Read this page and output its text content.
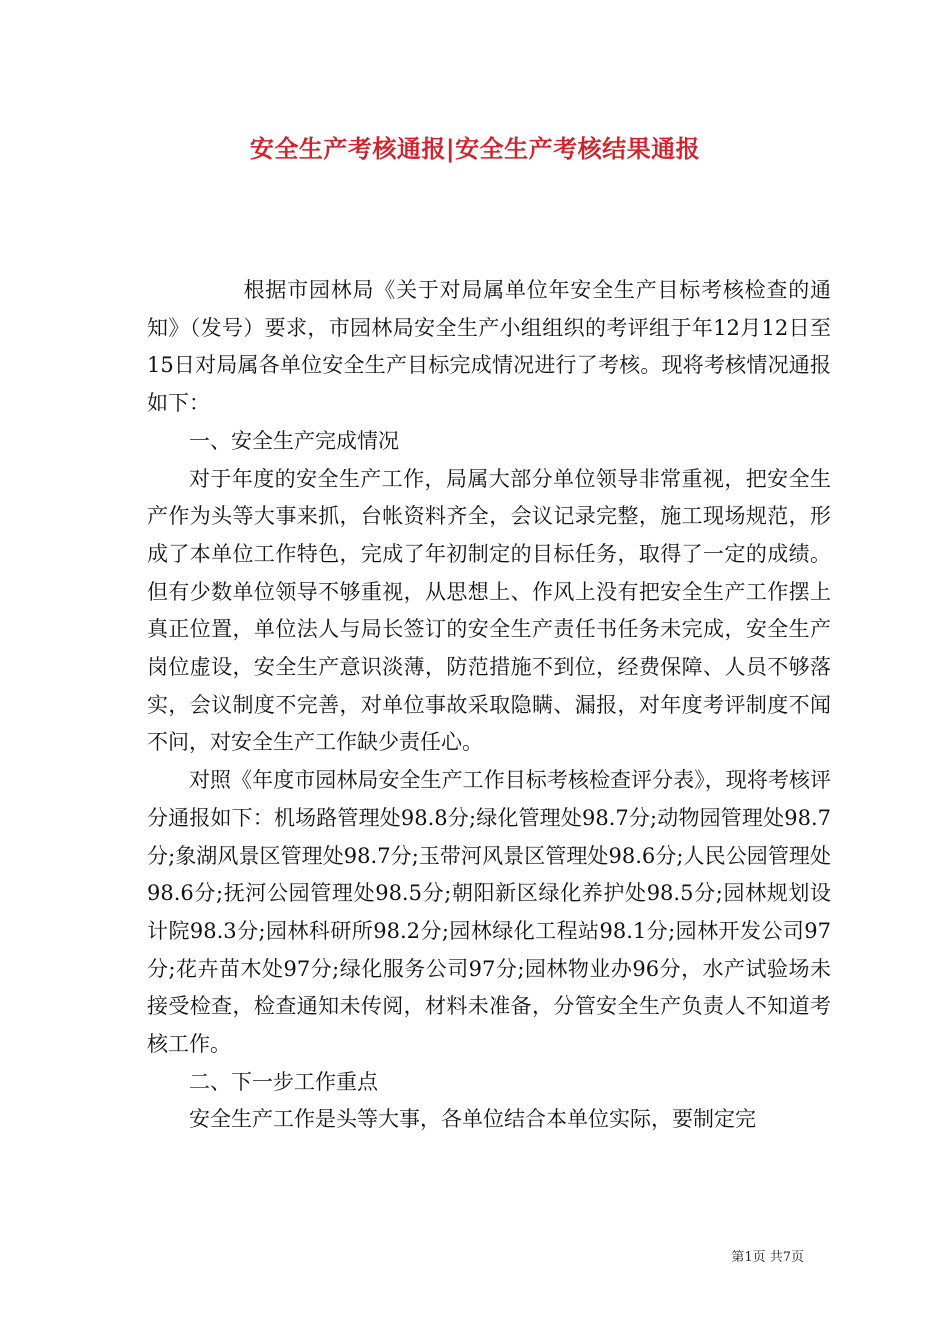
安全生产考核通报|安全生产考核结果通报

根据市园林局《关于对局属单位年安全生产目标考核检查的通知》（发号）要求，市园林局安全生产小组组织的考评组于年12月12日至15日对局属各单位安全生产目标完成情况进行了考核。现将考核情况通报如下：

一、安全生产完成情况

对于年度的安全生产工作，局属大部分单位领导非常重视，把安全生产作为头等大事来抓，台帐资料齐全，会议记录完整，施工现场规范，形成了本单位工作特色，完成了年初制定的目标任务，取得了一定的成绩。但有少数单位领导不够重视，从思想上、作风上没有把安全生产工作摆上真正位置，单位法人与局长签订的安全生产责任书任务未完成，安全生产岗位虚设，安全生产意识淡薄，防范措施不到位，经费保障、人员不够落实，会议制度不完善，对单位事故采取隐瞒、漏报，对年度考评制度不闻不问，对安全生产工作缺少责任心。

对照《年度市园林局安全生产工作目标考核检查评分表》，现将考核评分通报如下：机场路管理处98.8分;绿化管理处98.7分;动物园管理处98.7分;象湖风景区管理处98.7分;玉带河风景区管理处98.6分;人民公园管理处98.6分;抚河公园管理处98.5分;朝阳新区绿化养护处98.5分;园林规划设计院98.3分;园林科研所98.2分;园林绿化工程站98.1分;园林开发公司97分;花卉苗木处97分;绿化服务公司97分;园林物业办96分，水产试验场未接受检查，检查通知未传阅，材料未准备，分管安全生产负责人不知道考核工作。

二、下一步工作重点

安全生产工作是头等大事，各单位结合本单位实际，要制定完

第1页 共7页
